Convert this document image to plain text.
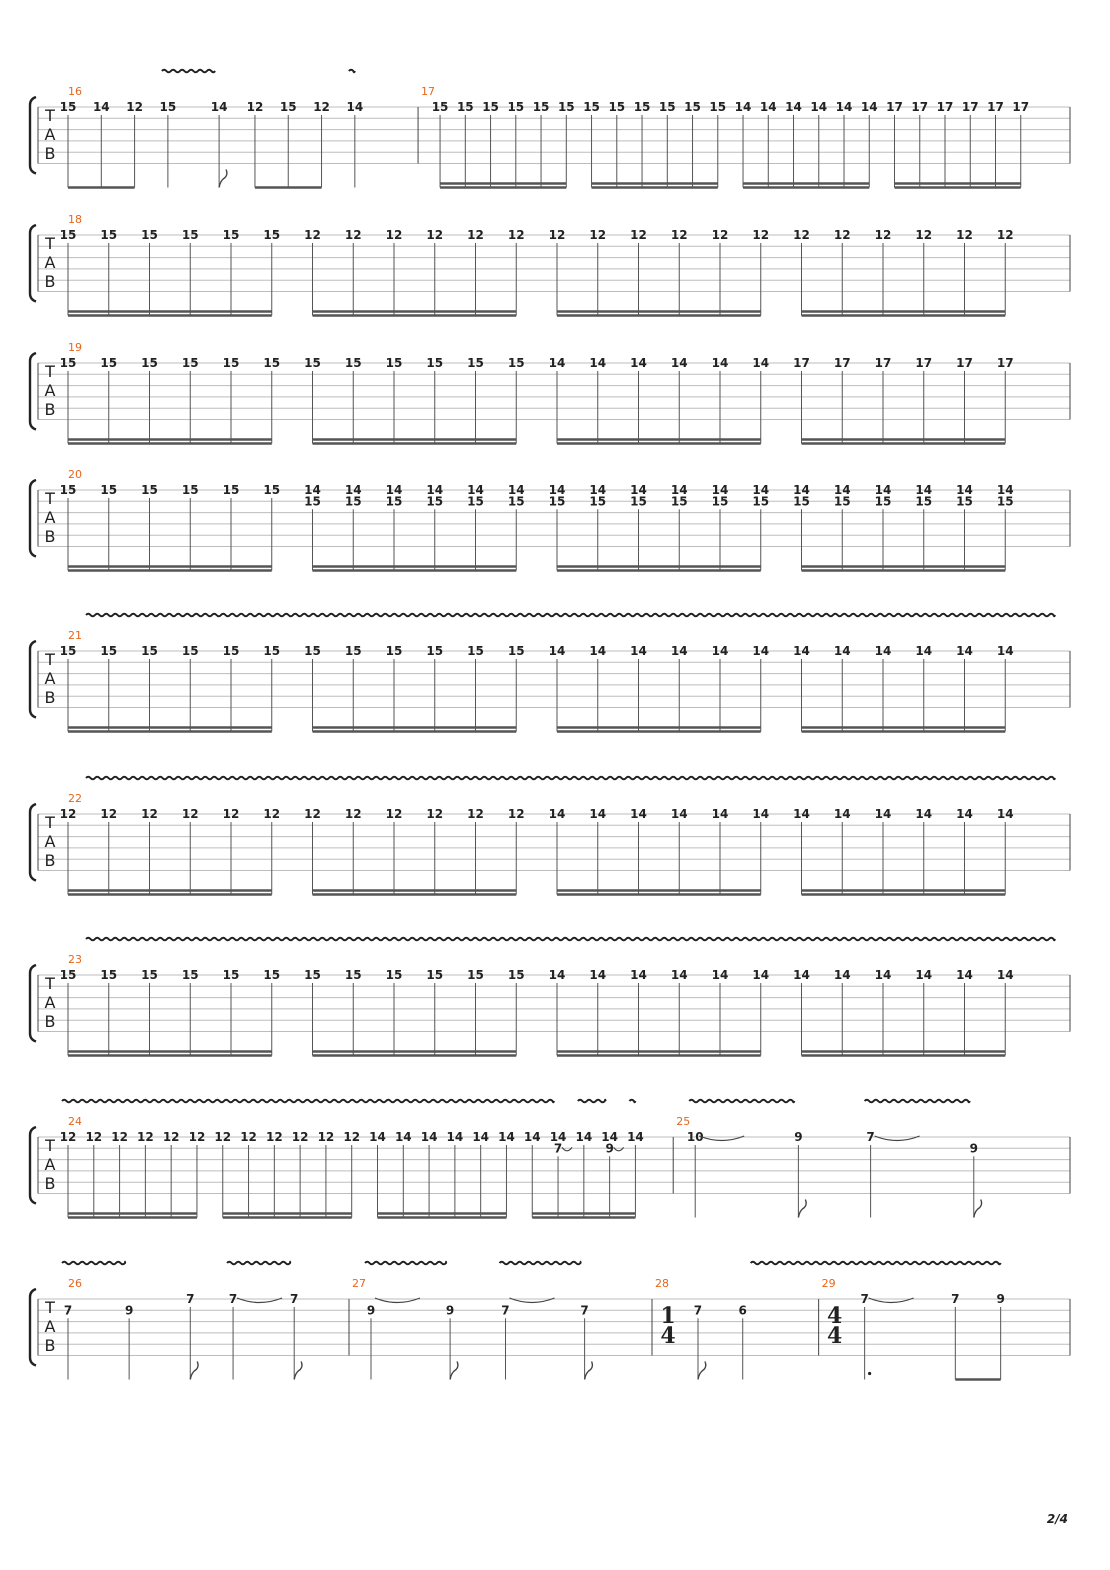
T
A
B
16
15 14 12 15	14 12 15 12 14
17
15 15 15 15 15 15 15 15 15 15 15 15 14 14 14 14 14 14 17 17 17 17 17 17
T
A
B
18
15 15 15 15 15 15 12 12 12 12 12 12 12 12 12 12 12 12 12 12 12 12 12 12
T
A
B
19
15 15 15 15 15 15 15 15 15 15 15 15 14 14 14 14 14 14 17 17 17 17 17 17
T
A
B
20
15 15 15 15 15 15 14
15
14
15
14
15
14
15
14
15
14
15
14
15
14
15
14
15
14
15
14
15
14
15
14
15
14
15
14
15
14
15
14
15
14
15
T
A
B
21
15 15 15 15 15 15 15 15 15 15 15 15 14 14 14 14 14 14 14 14 14 14 14 14
T
A
B
22
12 12 12 12 12 12 12 12 12 12 12 12 14 14 14 14 14 14 14 14 14 14 14 14
T
A
B
23
15 15 15 15 15 15 15 15 15 15 15 15 14 14 14 14 14 14 14 14 14 14 14 14
T
A
B
24
12 12 12 12 12 12 12 12 12 12 12 12 14 14 14 14 14 14 14 14
7
14 14
9
14
25
10	9	7
9
T
A
B
26
7	9
7	7	7
27
9	9	7	7
28
1
4
7	6
29
4
4
7	7	9
2/4
